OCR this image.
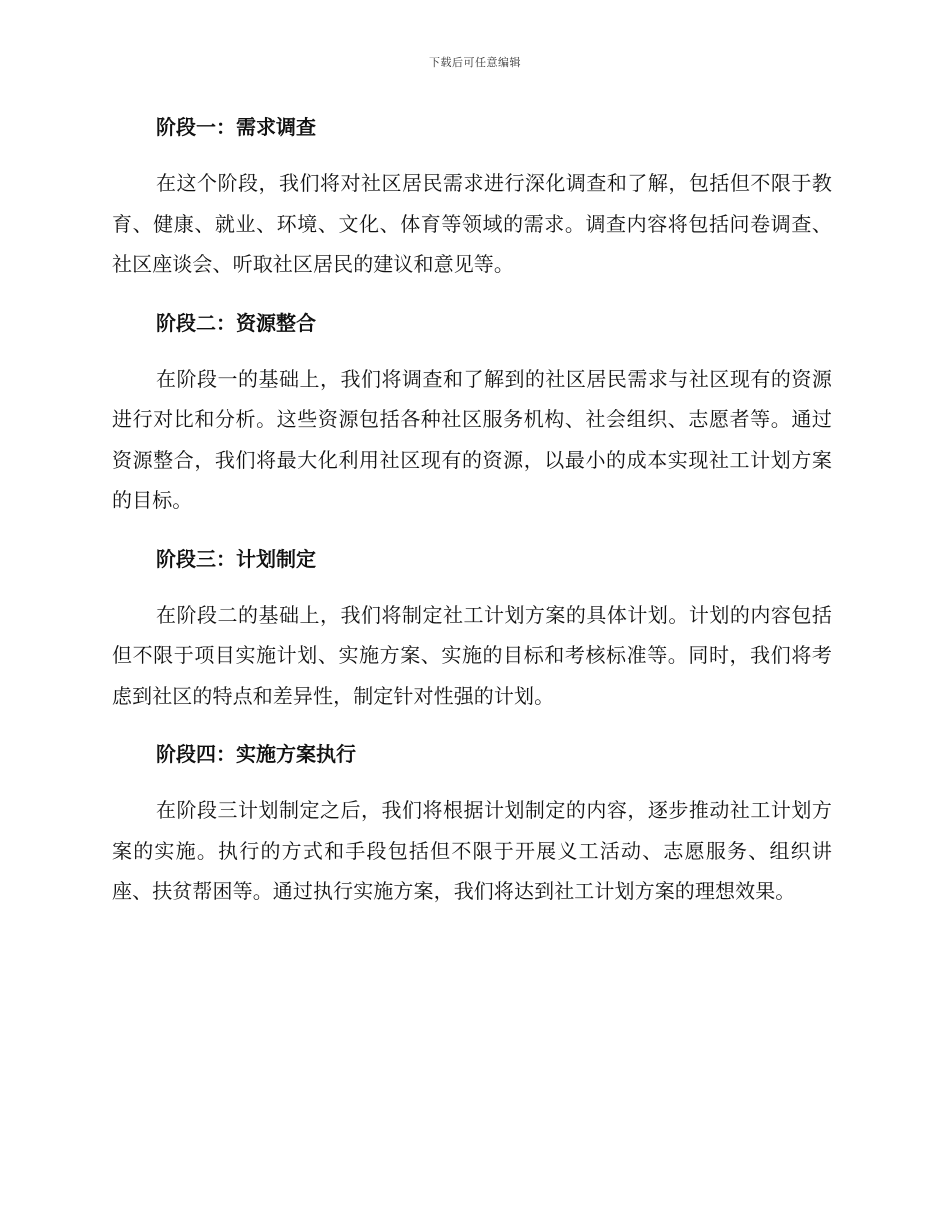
下载后可任意编辑
阶段一：需求调查

在这个阶段，我们将对社区居民需求进行深化调查和了解，包括但不限于教育、健康、就业、环境、文化、体育等领域的需求。调查内容将包括问卷调查、社区座谈会、听取社区居民的建议和意见等。

阶段二：资源整合

在阶段一的基础上，我们将调查和了解到的社区居民需求与社区现有的资源进行对比和分析。这些资源包括各种社区服务机构、社会组织、志愿者等。通过资源整合，我们将最大化利用社区现有的资源，以最小的成本实现社工计划方案的目标。

阶段三：计划制定

在阶段二的基础上，我们将制定社工计划方案的具体计划。计划的内容包括但不限于项目实施计划、实施方案、实施的目标和考核标准等。同时，我们将考虑到社区的特点和差异性，制定针对性强的计划。

阶段四：实施方案执行

在阶段三计划制定之后，我们将根据计划制定的内容，逐步推动社工计划方案的实施。执行的方式和手段包括但不限于开展义工活动、志愿服务、组织讲座、扶贫帮困等。通过执行实施方案，我们将达到社工计划方案的理想效果。
